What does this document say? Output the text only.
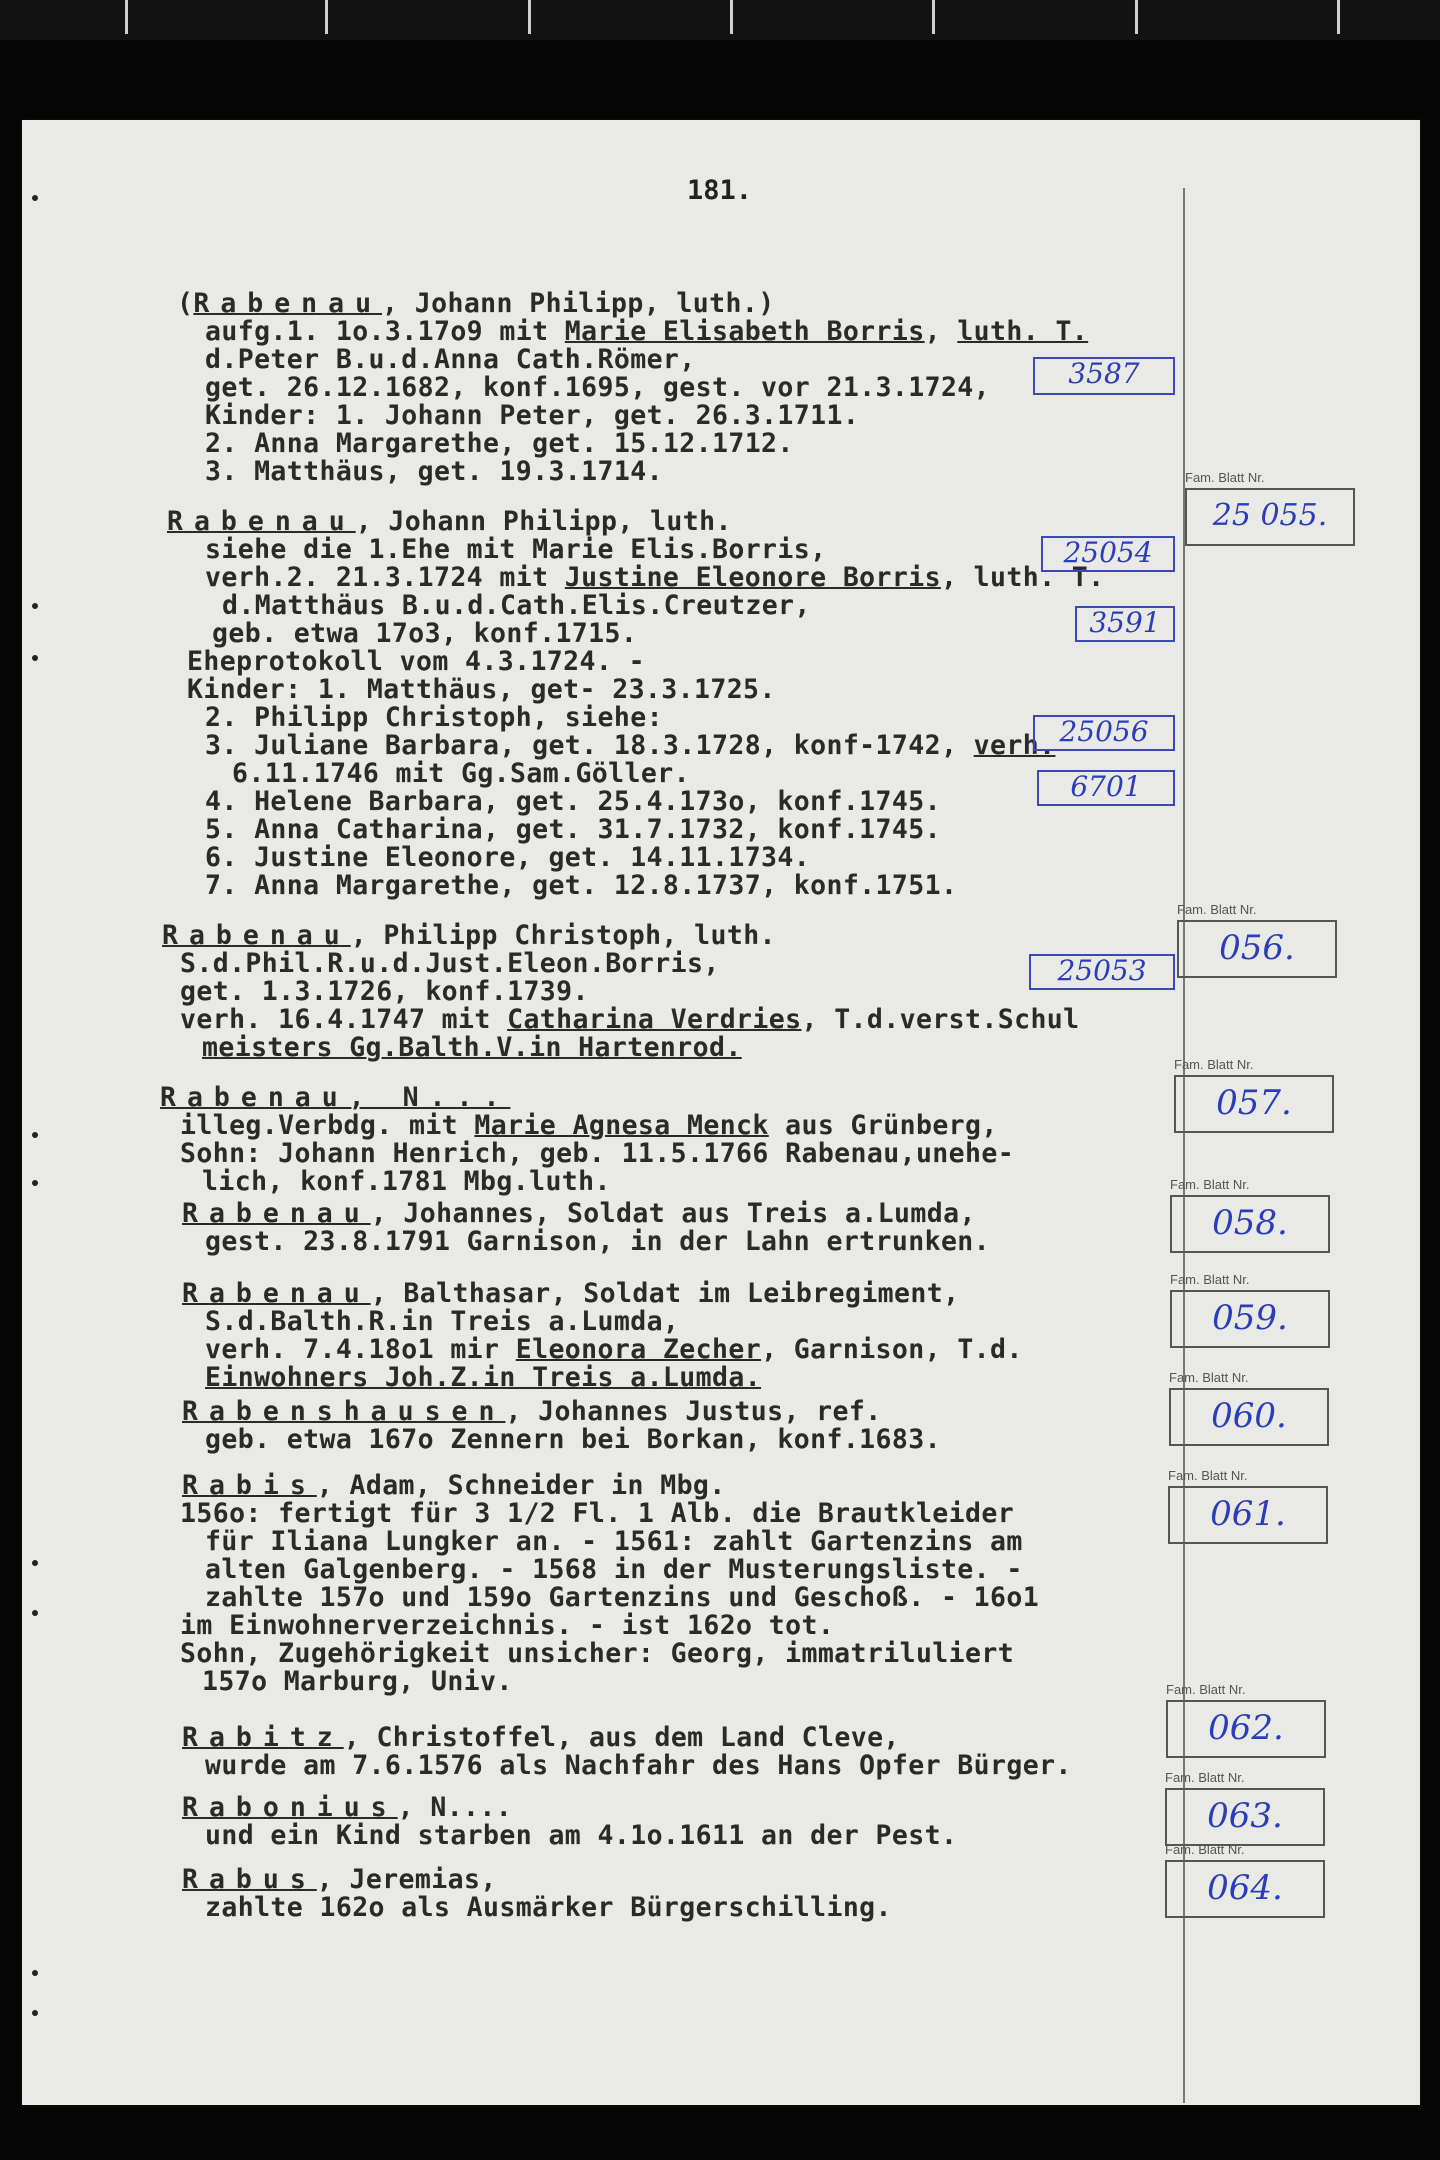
181.
(Rabenau, Johann Philipp, luth.)
aufg.1. 1o.3.17o9 mit Marie Elisabeth Borris, luth. T.
d.Peter B.u.d.Anna Cath.Römer,
get. 26.12.1682, konf.1695, gest. vor 21.3.1724,
Kinder: 1. Johann Peter, get. 26.3.1711.
2. Anna Margarethe, get. 15.12.1712.
3. Matthäus, get. 19.3.1714.
Rabenau, Johann Philipp, luth.
siehe die 1.Ehe mit Marie Elis.Borris,
verh.2. 21.3.1724 mit Justine Eleonore Borris, luth. T.
d.Matthäus B.u.d.Cath.Elis.Creutzer,
geb. etwa 17o3, konf.1715.
Eheprotokoll vom 4.3.1724. -
Kinder: 1. Matthäus, get- 23.3.1725.
2. Philipp Christoph, siehe:
3. Juliane Barbara, get. 18.3.1728, konf-1742, verh.
6.11.1746 mit Gg.Sam.Göller.
4. Helene Barbara, get. 25.4.173o, konf.1745.
5. Anna Catharina, get. 31.7.1732, konf.1745.
6. Justine Eleonore, get. 14.11.1734.
7. Anna Margarethe, get. 12.8.1737, konf.1751.
Rabenau, Philipp Christoph, luth.
S.d.Phil.R.u.d.Just.Eleon.Borris,
get. 1.3.1726, konf.1739.
verh. 16.4.1747 mit Catharina Verdries, T.d.verst.Schul
meisters Gg.Balth.V.in Hartenrod.
Rabenau, N...
illeg.Verbdg. mit Marie Agnesa Menck aus Grünberg,
Sohn: Johann Henrich, geb. 11.5.1766 Rabenau,unehe-
lich, konf.1781 Mbg.luth.
Rabenau, Johannes, Soldat aus Treis a.Lumda,
gest. 23.8.1791 Garnison, in der Lahn ertrunken.
Rabenau, Balthasar, Soldat im Leibregiment,
S.d.Balth.R.in Treis a.Lumda,
verh. 7.4.18o1 mir Eleonora Zecher, Garnison, T.d.
Einwohners Joh.Z.in Treis a.Lumda.
Rabenshausen, Johannes Justus, ref.
geb. etwa 167o Zennern bei Borkan, konf.1683.
Rabis, Adam, Schneider in Mbg.
156o: fertigt für 3 1/2 Fl. 1 Alb. die Brautkleider
für Iliana Lungker an. - 1561: zahlt Gartenzins am
alten Galgenberg. - 1568 in der Musterungsliste. -
zahlte 157o und 159o Gartenzins und Geschoß. - 16o1
im Einwohnerverzeichnis. - ist 162o tot.
Sohn, Zugehörigkeit unsicher: Georg, immatriluliert
157o Marburg, Univ.
Rabitz, Christoffel, aus dem Land Cleve,
wurde am 7.6.1576 als Nachfahr des Hans Opfer Bürger.
Rabonius, N....
und ein Kind starben am 4.1o.1611 an der Pest.
Rabus, Jeremias,
zahlte 162o als Ausmärker Bürgerschilling.
3587
25054
3591
25056
6701
25053
Fam. Blatt Nr.
25 055.
Fam. Blatt Nr.
056.
Fam. Blatt Nr.
057.
Fam. Blatt Nr.
058.
Fam. Blatt Nr.
059.
Fam. Blatt Nr.
060.
Fam. Blatt Nr.
061.
Fam. Blatt Nr.
062.
Fam. Blatt Nr.
063.
Fam. Blatt Nr.
064.
